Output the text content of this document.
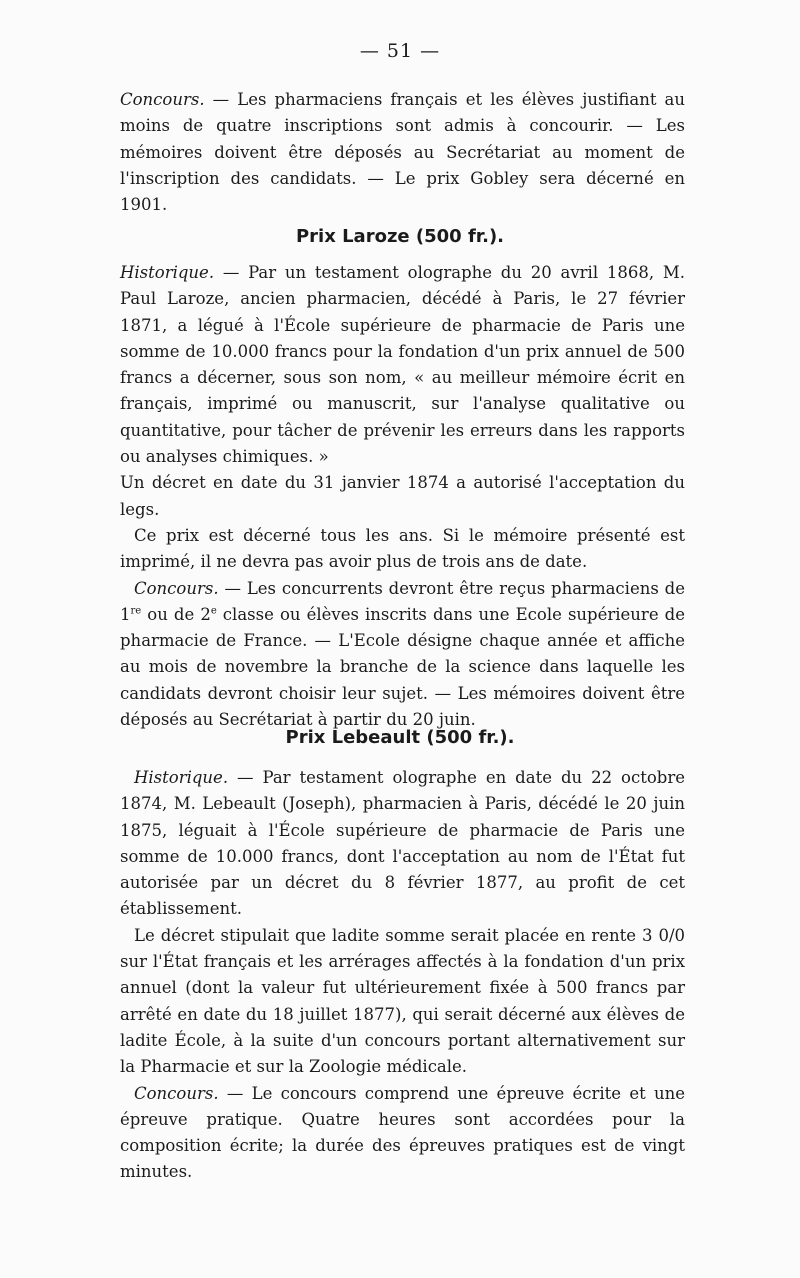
— 51 —

Concours. — Les pharmaciens français et les élèves justifiant au moins de quatre inscriptions sont admis à concourir. — Les mémoires doivent être déposés au Secrétariat au moment de l'inscription des candidats. — Le prix Gobley sera décerné en 1901.

Prix Laroze (500 fr.).

Historique. — Par un testament olographe du 20 avril 1868, M. Paul Laroze, ancien pharmacien, décédé à Paris, le 27 février 1871, a légué à l'École supérieure de pharmacie de Paris une somme de 10.000 francs pour la fondation d'un prix annuel de 500 francs a décerner, sous son nom, « au meilleur mémoire écrit en français, imprimé ou manuscrit, sur l'analyse qualitative ou quantitative, pour tâcher de prévenir les erreurs dans les rapports ou analyses chimiques. »

Un décret en date du 31 janvier 1874 a autorisé l'acceptation du legs.

Ce prix est décerné tous les ans. Si le mémoire présenté est imprimé, il ne devra pas avoir plus de trois ans de date.

Concours. — Les concurrents devront être reçus pharmaciens de 1re ou de 2e classe ou élèves inscrits dans une Ecole supérieure de pharmacie de France. — L'Ecole désigne chaque année et affiche au mois de novembre la branche de la science dans laquelle les candidats devront choisir leur sujet. — Les mémoires doivent être déposés au Secrétariat à partir du 20 juin.

Prix Lebeault (500 fr.).

Historique. — Par testament olographe en date du 22 octobre 1874, M. Lebeault (Joseph), pharmacien à Paris, décédé le 20 juin 1875, léguait à l'École supérieure de pharmacie de Paris une somme de 10.000 francs, dont l'acceptation au nom de l'État fut autorisée par un décret du 8 février 1877, au profit de cet établissement.

Le décret stipulait que ladite somme serait placée en rente 3 0/0 sur l'État français et les arrérages affectés à la fondation d'un prix annuel (dont la valeur fut ultérieurement fixée à 500 francs par arrêté en date du 18 juillet 1877), qui serait décerné aux élèves de ladite École, à la suite d'un concours portant alternativement sur la Pharmacie et sur la Zoologie médicale.

Concours. — Le concours comprend une épreuve écrite et une épreuve pratique. Quatre heures sont accordées pour la composition écrite; la durée des épreuves pratiques est de vingt minutes.
